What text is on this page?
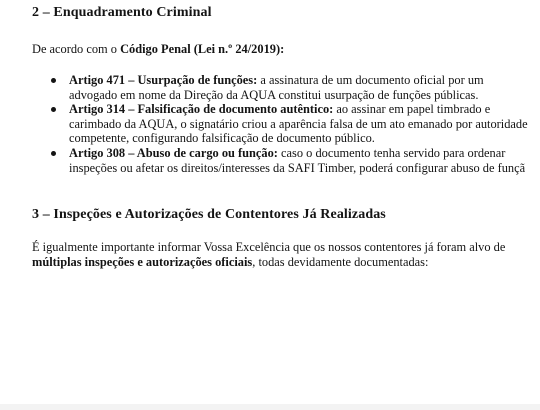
2 – Enquadramento Criminal
De acordo com o Código Penal (Lei n.º 24/2019):
Artigo 471 – Usurpação de funções: a assinatura de um documento oficial por um advogado em nome da Direção da AQUA constitui usurpação de funções públicas.
Artigo 314 – Falsificação de documento autêntico: ao assinar em papel timbrado e carimbado da AQUA, o signatário criou a aparência falsa de um ato emanado por autoridade competente, configurando falsificação de documento público.
Artigo 308 – Abuso de cargo ou função: caso o documento tenha servido para ordenar inspeções ou afetar os direitos/interesses da SAFI Timber, poderá configurar abuso de funçã
3 – Inspeções e Autorizações de Contentores Já Realizadas
É igualmente importante informar Vossa Excelência que os nossos contentores já foram alvo de múltiplas inspeções e autorizações oficiais, todas devidamente documentadas:
